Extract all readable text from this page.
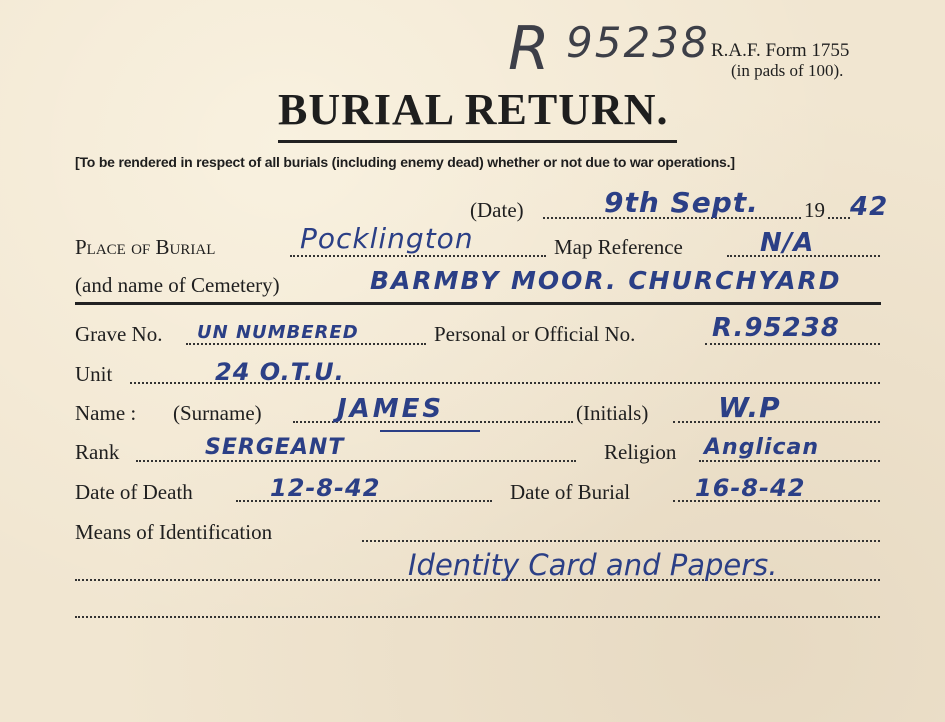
R 95238 R.A.F. Form 1755
(in pads of 100).
BURIAL RETURN.
[To be rendered in respect of all burials (including enemy dead) whether or not due to war operations.]
(Date)	9th Sept. 19 42
Place of Burial	Pocklington	Map Reference	N/A
(and name of Cemetery)	BARMBY MOOR. CHURCHYARD
Grave No. UN NUMBERED	Personal or Official No.	R.95238
Unit	24 O.T.U.
Name : (Surname)	JAMES	(Initials) W.P
Rank	SERGEANT	Religion Anglican
Date of Death	12-8-42	Date of Burial	16-8-42
Means of Identification
Identity Card and Papers.
